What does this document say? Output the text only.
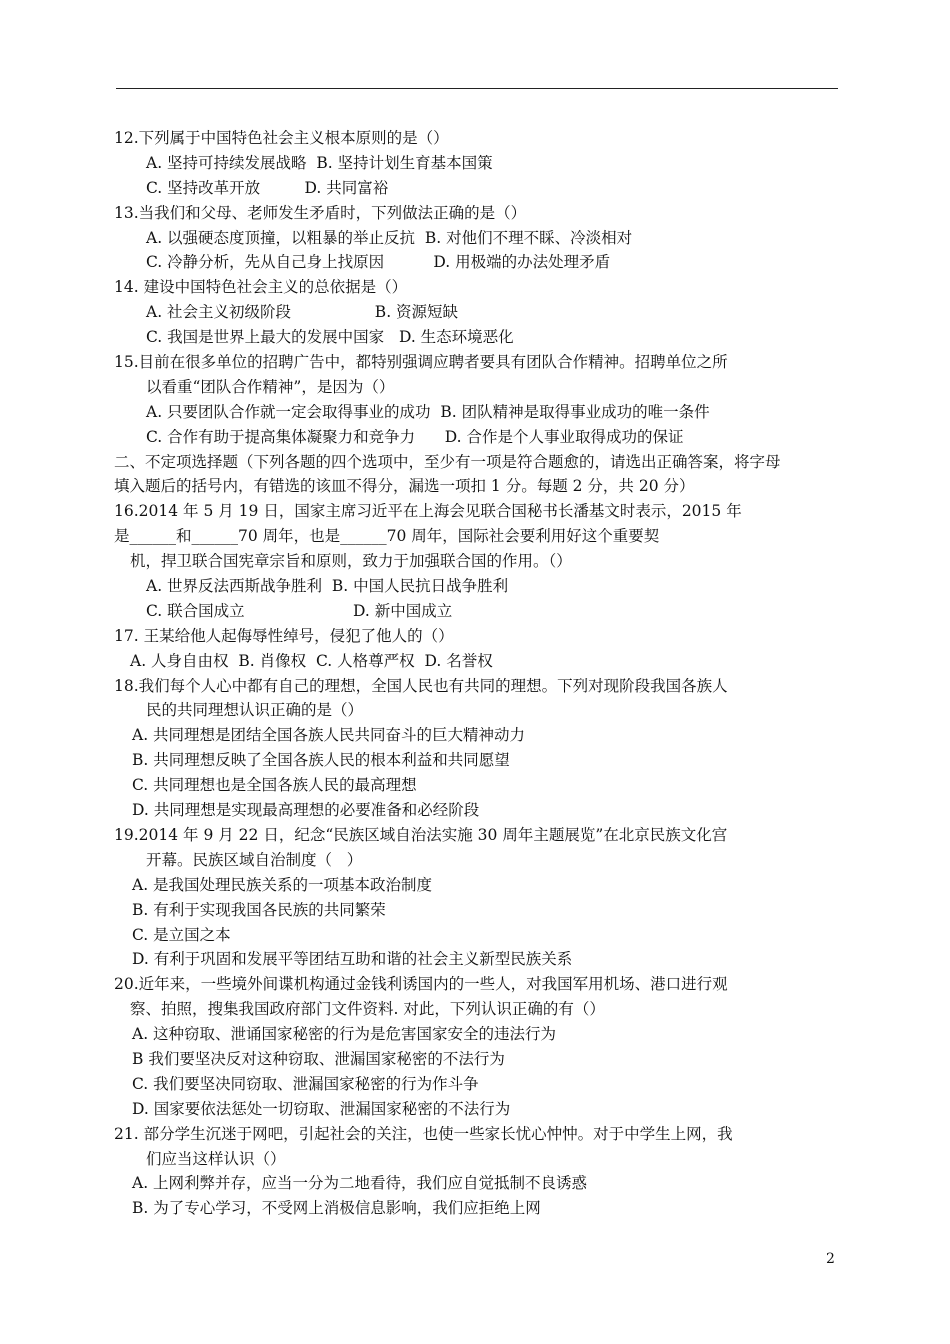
12.下列属于中国特色社会主义根本原则的是（）
A. 坚持可持续发展战略  B. 坚持计划生育基本国策
C. 坚持改革开放         D. 共同富裕
13.当我们和父母、老师发生矛盾时，下列做法正确的是（）
A. 以强硬态度顶撞，以粗暴的举止反抗  B. 对他们不理不睬、冷淡相对
C. 冷静分析，先从自己身上找原因          D. 用极端的办法处理矛盾
14. 建设中国特色社会主义的总依据是（）
A. 社会主义初级阶段                 B. 资源短缺
C. 我国是世界上最大的发展中国家   D. 生态环境恶化
15.目前在很多单位的招聘广告中，都特别强调应聘者要具有团队合作精神。招聘单位之所
以看重“团队合作精神”，是因为（）
A. 只要团队合作就一定会取得事业的成功  B. 团队精神是取得事业成功的唯一条件
C. 合作有助于提高集体凝聚力和竞争力      D. 合作是个人事业取得成功的保证
二、不定项选择题（下列各题的四个选项中，至少有一项是符合题愈的，请选出正确答案，将字母
填入题后的括号内，有错选的该皿不得分，漏选一项扣 1 分。每题 2 分，共 20 分）
16.2014 年 5 月 19 日，国家主席习近平在上海会见联合国秘书长潘基文时表示，2015 年
是______和______70 周年，也是______70 周年，国际社会要利用好这个重要契
机，捍卫联合国宪章宗旨和原则，致力于加强联合国的作用。（）
A. 世界反法西斯战争胜利  B. 中国人民抗日战争胜利
C. 联合国成立                      D. 新中国成立
17. 王某给他人起侮辱性绰号，侵犯了他人的（）
A. 人身自由权  B. 肖像权  C. 人格尊严权  D. 名誉权
18.我们每个人心中都有自己的理想，全国人民也有共同的理想。下列对现阶段我国各族人
民的共同理想认识正确的是（）
A. 共同理想是团结全国各族人民共同奋斗的巨大精神动力
B. 共同理想反映了全国各族人民的根本利益和共同愿望
C. 共同理想也是全国各族人民的最高理想
D. 共同理想是实现最高理想的必要准备和必经阶段
19.2014 年 9 月 22 日，纪念“民族区域自治法实施 30 周年主题展览”在北京民族文化宫
开幕。民族区域自治制度（   ）
A. 是我国处理民族关系的一项基本政治制度
B. 有利于实现我国各民族的共同繁荣
C. 是立国之本
D. 有利于巩固和发展平等团结互助和谐的社会主义新型民族关系
20.近年来，一些境外间谍机构通过金钱利诱国内的一些人，对我国军用机场、港口进行观
察、拍照，搜集我国政府部门文件资料. 对此，下列认识正确的有（）
A. 这种窃取、泄诵国家秘密的行为是危害国家安全的违法行为
B 我们要坚决反对这种窃取、泄漏国家秘密的不法行为
C. 我们要坚决同窃取、泄漏国家秘密的行为作斗争
D. 国家要依法惩处一切窃取、泄漏国家秘密的不法行为
21. 部分学生沉迷于网吧，引起社会的关注，也使一些家长忧心忡忡。对于中学生上网，我
们应当这样认识（）
A. 上网利弊并存，应当一分为二地看待，我们应自觉抵制不良诱惑
B. 为了专心学习，不受网上消极信息影响，我们应拒绝上网
2
